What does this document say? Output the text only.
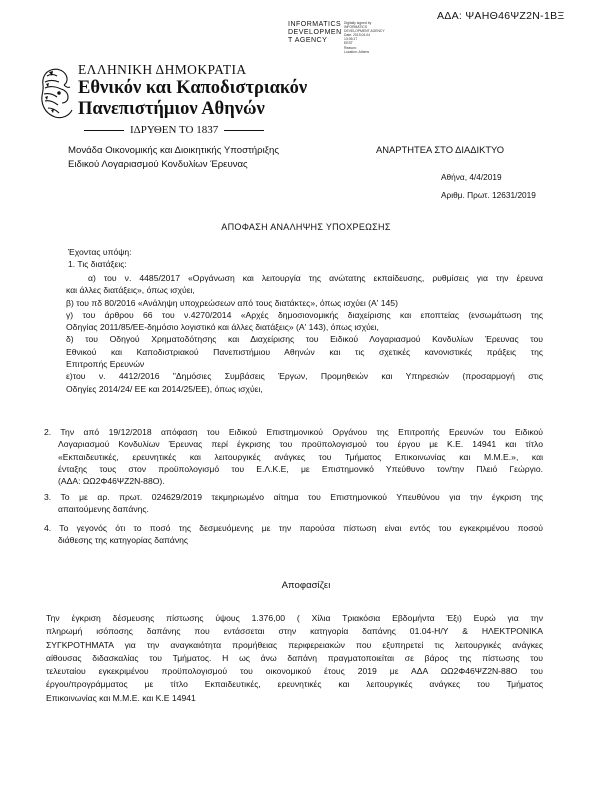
ΑΔΑ: ΨΑΗΘ46ΨΖ2Ν-1ΒΞ
INFORMATICS
DEVELOPMEN
T AGENCY
Digitally signed by
INFORMATICS
DEVELOPMENT AGENCY
Date: 2019.04.04
13:05:17
EEST
Reason:
Location: Athens
ΕΛΛΗΝΙΚΗ ΔΗΜΟΚΡΑΤΙΑ
Εθνικόν και Καποδιστριακόν
Πανεπιστήμιον Αθηνών
ΙΔΡΥΘΕΝ ΤΟ 1837
Μονάδα Οικονομικής και Διοικητικής Υποστήριξης
Ειδικού Λογαριασμού Κονδυλίων Έρευνας
ΑΝΑΡΤΗΤΕΑ ΣΤΟ ΔΙΑΔΙΚΤΥΟ
Αθήνα, 4/4/2019
Αριθμ. Πρωτ. 12631/2019
ΑΠΟΦΑΣΗ ΑΝΑΛΗΨΗΣ ΥΠΟΧΡΕΩΣΗΣ
Έχοντας υπόψη:
1. Τις διατάξεις:
α) του ν. 4485/2017 «Οργάνωση και λειτουργία της ανώτατης εκπαίδευσης, ρυθμίσεις για την έρευνα
και άλλες διατάξεις», όπως ισχύει,
β) του πδ 80/2016 «Ανάληψη υποχρεώσεων από τους διατάκτες», όπως ισχύει (Α' 145)
γ) του άρθρου 66 του ν.4270/2014 «Αρχές δημοσιονομικής διαχείρισης και εποπτείας (ενσωμάτωση της
Οδηγίας 2011/85/ΕΕ-δημόσιο λογιστικό και άλλες διατάξεις» (Α' 143), όπως ισχύει,
δ) του Οδηγού Χρηματοδότησης και Διαχείρισης του Ειδικού Λογαριασμού Κονδυλίων Έρευνας του
Εθνικού και Καποδιστριακού Πανεπιστήμιου Αθηνών και τις σχετικές κανονιστικές πράξεις της
Επιτροπής Ερευνών
ε)του ν. 4412/2016 "Δημόσιες Συμβάσεις Έργων, Προμηθειών και Υπηρεσιών (προσαρμογή στις
Οδηγίες 2014/24/ ΕΕ και 2014/25/ΕΕ), όπως ισχύει,
2. Την από 19/12/2018 απόφαση του Ειδικού Επιστημονικού Οργάνου της Επιτροπής Ερευνών του Ειδικού
Λογαριασμού Κονδυλίων Έρευνας περί έγκρισης του προϋπολογισμού του έργου με Κ.Ε. 14941 και τίτλο
«Εκπαιδευτικές, ερευνητικές και λειτουργικές ανάγκες του Τμήματος Επικοινωνίας και Μ.Μ.Ε.», και
ένταξης τους στον προϋπολογισμό του Ε.Λ.Κ.Ε, με Επιστημονικό Υπεύθυνο τον/την Πλειό Γεώργιο.
(ΑΔΑ: ΩΩ2Φ46ΨΖ2Ν-88Ο).
3. Το με αρ. πρωτ. 024629/2019 τεκμηριωμένο αίτημα του Επιστημονικού Υπευθύνου για την έγκριση της
απαιτούμενης δαπάνης.
4. Το γεγονός ότι το ποσό της δεσμευόμενης με την παρούσα πίστωση είναι εντός του εγκεκριμένου ποσού
διάθεσης της κατηγορίας δαπάνης
Αποφασίζει
Την έγκριση δέσμευσης πίστωσης ύψους 1.376,00 ( Χίλια Τριακόσια Εβδομήντα Έξι) Ευρώ για την
πληρωμή ισόποσης δαπάνης που εντάσσεται στην κατηγορία δαπάνης 01.04-Η/Υ & ΗΛΕΚΤΡΟΝΙΚΑ
ΣΥΓΚΡΟΤΗΜΑΤΑ για την αναγκαιότητα προμήθειας περιφερειακών που εξυπηρετεί τις λειτουργικές ανάγκες
αίθουσας διδασκαλίας του Τμήματος. Η ως άνω δαπάνη πραγματοποιείται σε βάρος της πίστωσης του
τελευταίου εγκεκριμένου προϋπολογισμού του οικονομικού έτους 2019 με ΑΔΑ ΩΩ2Φ46ΨΖ2Ν-88Ο του
έργου/προγράμματος με τίτλο Εκπαιδευτικές, ερευνητικές και λειτουργικές ανάγκες του Τμήματος
Επικοινωνίας και Μ.Μ.Ε. και Κ.Ε 14941
